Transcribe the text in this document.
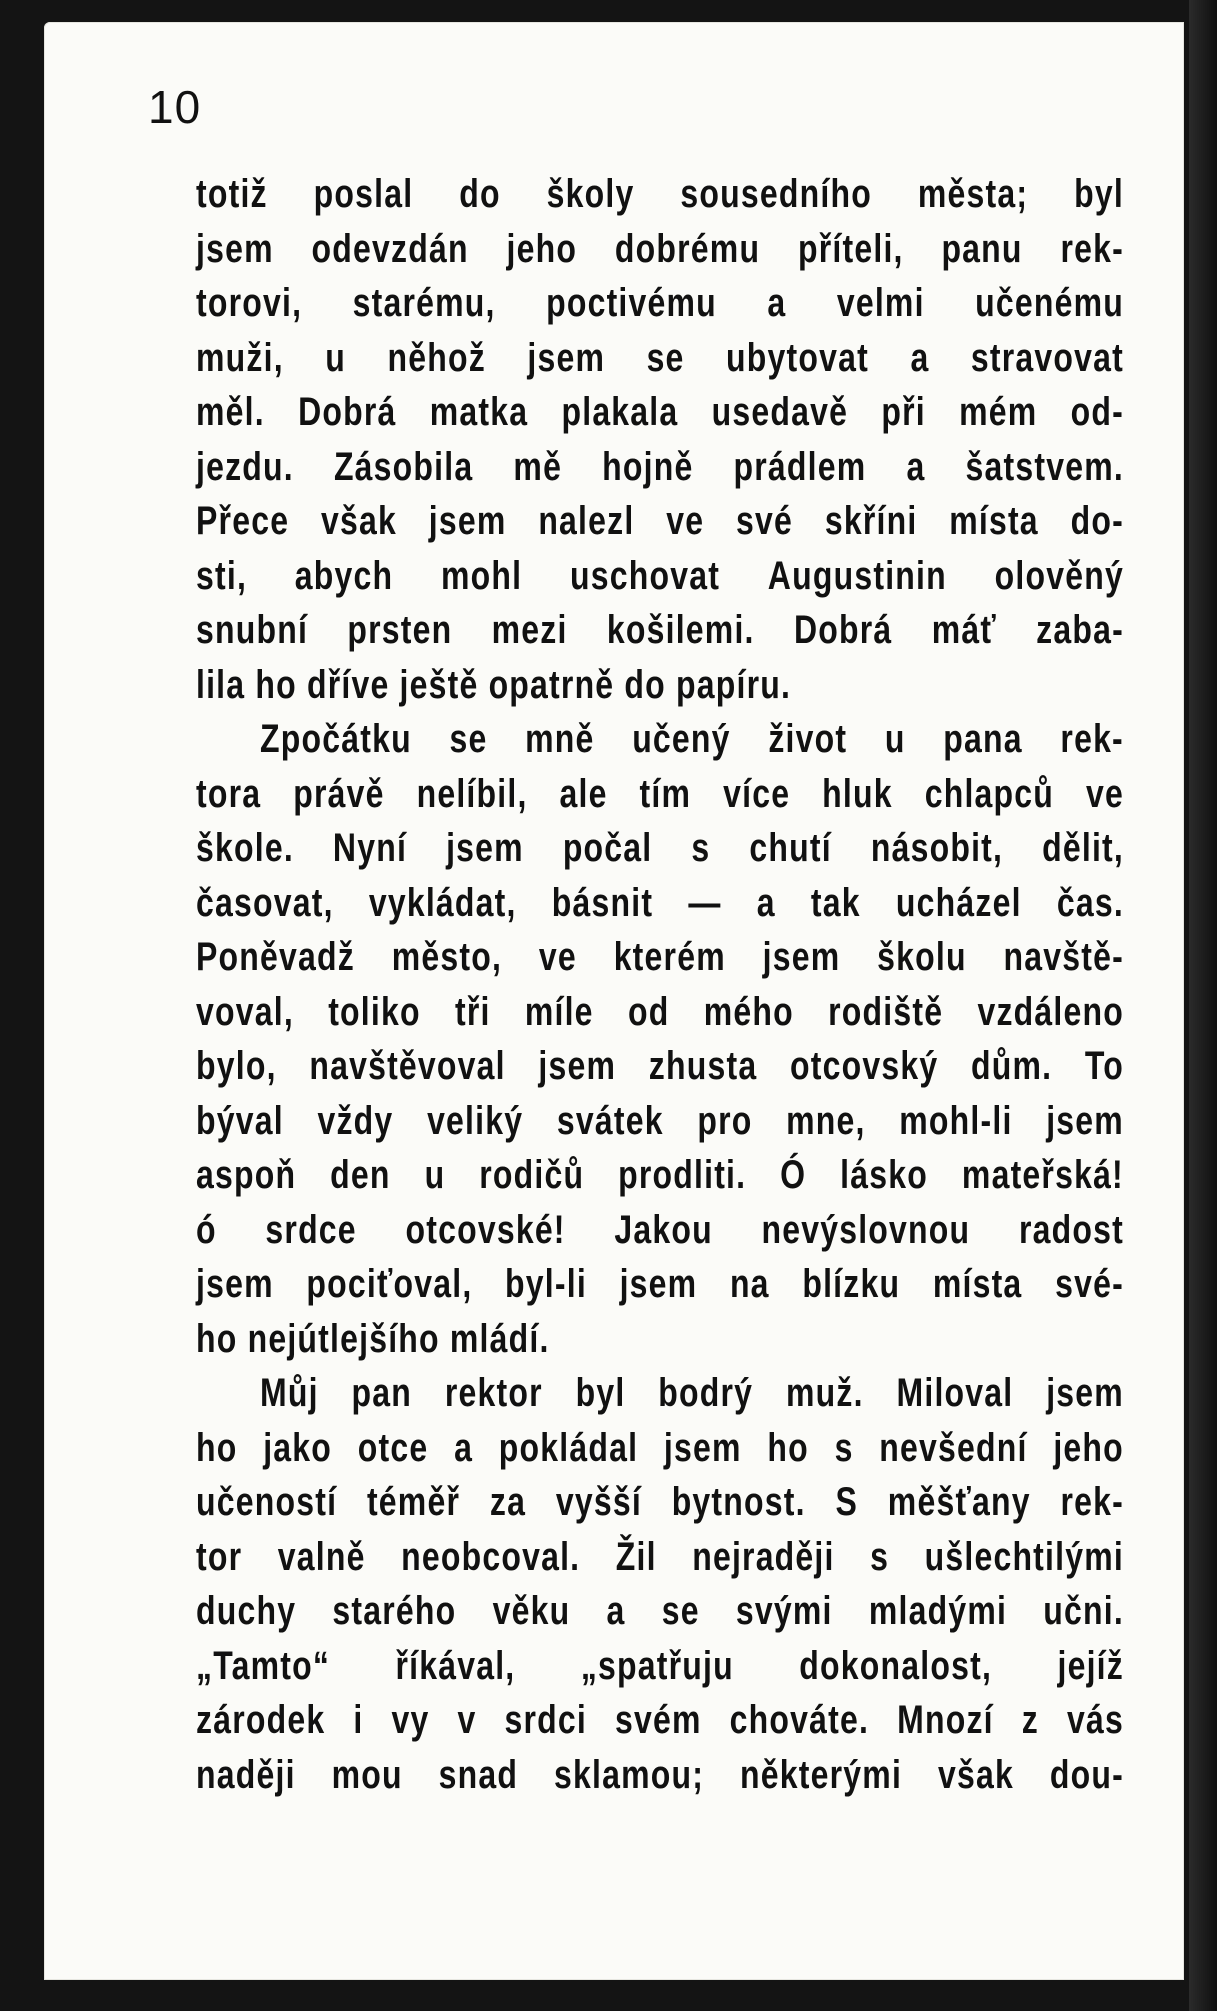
10
totiž poslal do školy sousedního města; byl
jsem odevzdán jeho dobrému příteli, panu rek-
torovi, starému, poctivému a velmi učenému
muži, u něhož jsem se ubytovat a stravovat
měl. Dobrá matka plakala usedavě při mém od-
jezdu. Zásobila mě hojně prádlem a šatstvem.
Přece však jsem nalezl ve své skříni místa do-
sti, abych mohl uschovat Augustinin olověný
snubní prsten mezi košilemi. Dobrá máť zaba-
lila ho dříve ještě opatrně do papíru.
Zpočátku se mně učený život u pana rek-
tora právě nelíbil, ale tím více hluk chlapců ve
škole. Nyní jsem počal s chutí násobit, dělit,
časovat, vykládat, básnit — a tak ucházel čas.
Poněvadž město, ve kterém jsem školu navště-
voval, toliko tři míle od mého rodiště vzdáleno
bylo, navštěvoval jsem zhusta otcovský dům. To
býval vždy veliký svátek pro mne, mohl-li jsem
aspoň den u rodičů prodliti. Ó lásko mateřská!
ó srdce otcovské! Jakou nevýslovnou radost
jsem pociťoval, byl-li jsem na blízku místa své-
ho nejútlejšího mládí.
Můj pan rektor byl bodrý muž. Miloval jsem
ho jako otce a pokládal jsem ho s nevšední jeho
učeností téměř za vyšší bytnost. S měšťany rek-
tor valně neobcoval. Žil nejraději s ušlechtilými
duchy starého věku a se svými mladými učni.
„Tamto“ říkával, „spatřuju dokonalost, jejíž
zárodek i vy v srdci svém chováte. Mnozí z vás
naději mou snad sklamou; některými však dou-
